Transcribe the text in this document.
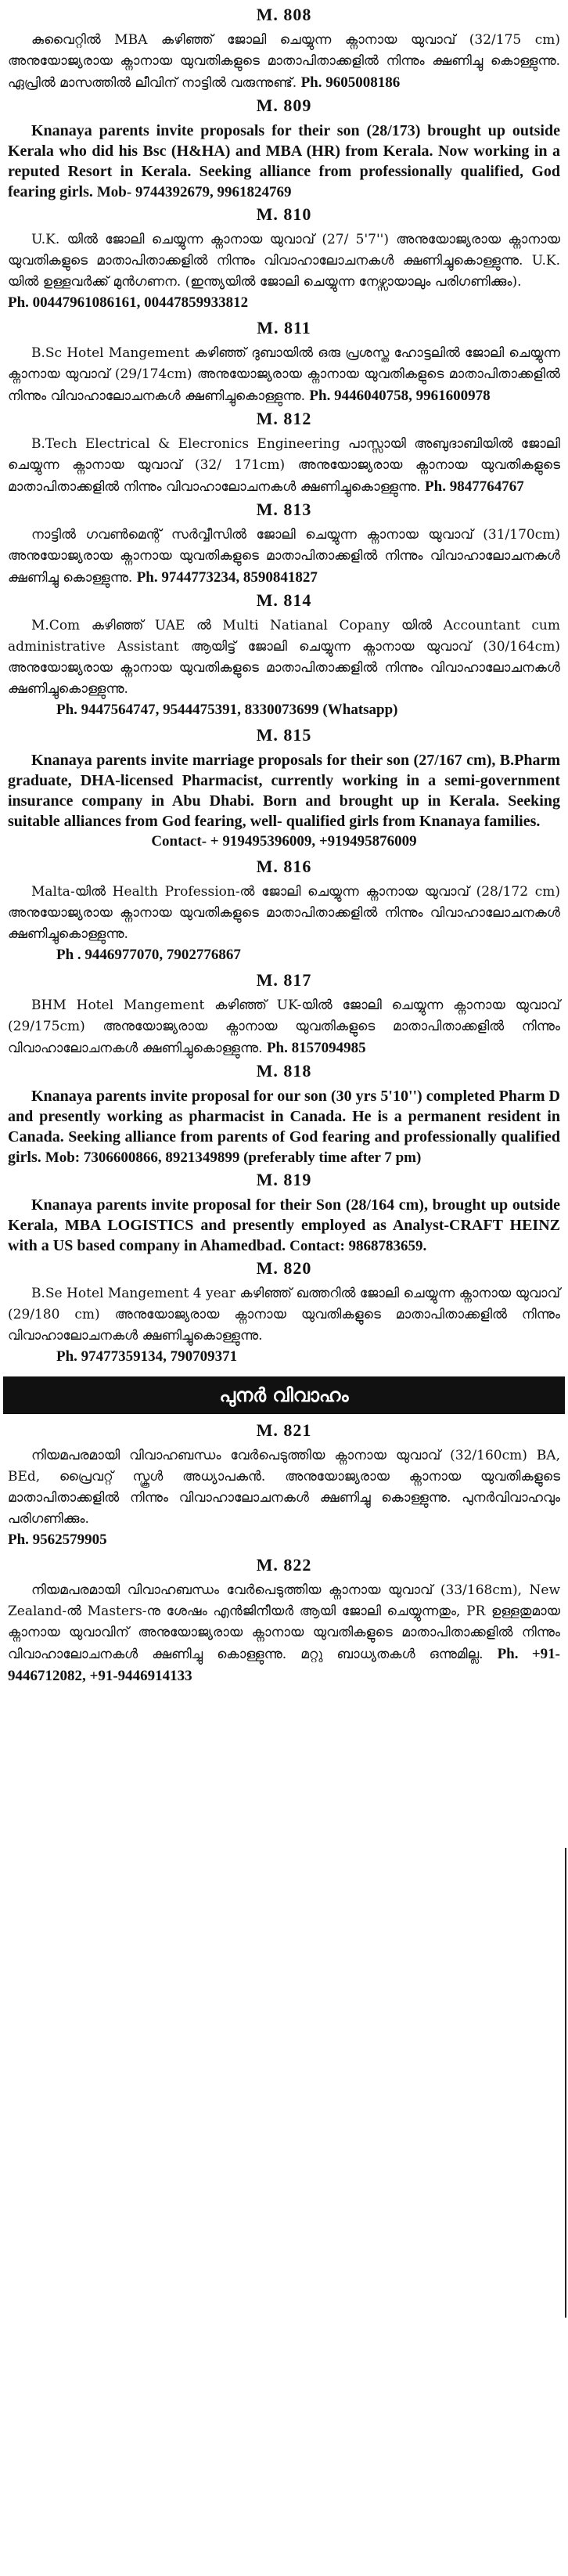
M. 808

കുവൈറ്റിൽ MBA കഴിഞ്ഞ് ജോലി ചെയ്യുന്ന ക്നാനായ യുവാവ് (32/175 cm) അനുയോജ്യരായ ക്നാനായ യുവതികളുടെ മാതാപിതാക്കളിൽ നിന്നും ക്ഷണിച്ചു കൊള്ളുന്നു. ഏപ്രിൽ മാസത്തിൽ ലീവിന് നാട്ടിൽ വരുന്നുണ്ട്. Ph. 9605008186

M. 809

Knanaya parents invite proposals for their son (28/173) brought up outside Kerala who did his Bsc (H&HA) and MBA (HR) from Kerala. Now working in a reputed Resort in Kerala. Seeking alliance from professionally qualified, God fearing girls. Mob- 9744392679, 9961824769

M. 810

U.K. യിൽ ജോലി ചെയ്യുന്ന ക്നാനായ യുവാവ് (27/ 5'7'') അനുയോജ്യരായ ക്നാനായ യുവതികളുടെ മാതാപിതാക്കളിൽ നിന്നും വിവാഹാലോചനകൾ ക്ഷണിച്ചുകൊള്ളുന്നു. U.K. യിൽ ഉള്ളവർക്ക് മുൻഗണന. (ഇന്ത്യയിൽ ജോലി ചെയ്യുന്ന നേഴ്സായാലും പരിഗണിക്കും).

Ph. 00447961086161, 00447859933812
M. 811

B.Sc Hotel Mangement കഴിഞ്ഞ് ദുബായിൽ ഒരു പ്രശസ്ത ഹോട്ടലിൽ ജോലി ചെയ്യുന്ന ക്നാനായ യുവാവ് (29/174cm) അനുയോജ്യരായ ക്നാനായ യുവതികളുടെ മാതാപിതാക്കളിൽ നിന്നും വിവാഹാലോചനകൾ ക്ഷണിച്ചുകൊള്ളുന്നു. Ph. 9446040758, 9961600978

M. 812

B.Tech Electrical & Elecronics Engineering പാസ്സായി അബുദാബിയിൽ ജോലി ചെയ്യുന്ന ക്നാനായ യുവാവ് (32/ 171cm) അനുയോജ്യരായ ക്നാനായ യുവതികളുടെ മാതാപിതാക്കളിൽ നിന്നും വിവാഹാലോചനകൾ ക്ഷണിച്ചുകൊള്ളുന്നു. Ph. 9847764767

M. 813

നാട്ടിൽ ഗവൺമെന്റ് സർവ്വീസിൽ ജോലി ചെയ്യുന്ന ക്നാനായ യുവാവ് (31/170cm) അനുയോജ്യരായ ക്നാനായ യുവതികളുടെ മാതാപിതാക്കളിൽ നിന്നും വിവാഹാലോചനകൾ ക്ഷണിച്ചു കൊള്ളുന്നു. Ph. 9744773234, 8590841827

M. 814

M.Com കഴിഞ്ഞ് UAE ൽ Multi Natianal Copany യിൽ Accountant cum administrative Assistant ആയിട്ട് ജോലി ചെയ്യുന്ന ക്നാനായ യുവാവ് (30/164cm) അനുയോജ്യരായ ക്നാനായ യുവതികളുടെ മാതാപിതാക്കളിൽ നിന്നും വിവാഹാലോചനകൾ ക്ഷണിച്ചുകൊള്ളുന്നു.

Ph. 9447564747, 9544475391, 8330073699 (Whatsapp)
M. 815

Knanaya parents invite marriage proposals for their son (27/167 cm), B.Pharm graduate, DHA-licensed Pharmacist, currently working in a semi-government insurance company in Abu Dhabi. Born and brought up in Kerala. Seeking suitable alliances from God fearing, well- qualified girls from Knanaya families.

Contact- + 919495396009, +919495876009
M. 816

Malta-യിൽ Health Profession-ൽ ജോലി ചെയ്യുന്ന ക്നാനായ യുവാവ് (28/172 cm) അനുയോജ്യരായ ക്നാനായ യുവതികളുടെ മാതാപിതാക്കളിൽ നിന്നും വിവാഹാലോചനകൾ ക്ഷണിച്ചുകൊള്ളുന്നു.

Ph . 9446977070, 7902776867
M. 817

BHM Hotel Mangement കഴിഞ്ഞ് UK-യിൽ ജോലി ചെയ്യുന്ന ക്നാനായ യുവാവ് (29/175cm) അനുയോജ്യരായ ക്നാനായ യുവതികളുടെ മാതാപിതാക്കളിൽ നിന്നും വിവാഹാലോചനകൾ ക്ഷണിച്ചുകൊള്ളുന്നു. Ph. 8157094985

M. 818

Knanaya parents invite proposal for our son (30 yrs 5'10'') completed Pharm D and presently working as pharmacist in Canada. He is a permanent resident in Canada. Seeking alliance from parents of God fearing and professionally qualified girls. Mob: 7306600866, 8921349899 (preferably time after 7 pm)

M. 819

Knanaya parents invite proposal for their Son (28/164 cm), brought up outside Kerala, MBA LOGISTICS and presently employed as Analyst-CRAFT HEINZ with a US based company in Ahamedbad. Contact: 9868783659.

M. 820

B.Se Hotel Mangement 4 year കഴിഞ്ഞ് ഖത്തറിൽ ജോലി ചെയ്യുന്ന ക്നാനായ യുവാവ് (29/180 cm) അനുയോജ്യരായ ക്നാനായ യുവതികളുടെ മാതാപിതാക്കളിൽ നിന്നും വിവാഹാലോചനകൾ ക്ഷണിച്ചുകൊള്ളുന്നു.

Ph. 97477359134, 790709371
പുനർ വിവാഹം
M. 821

നിയമപരമായി വിവാഹബന്ധം വേർപെടുത്തിയ ക്നാനായ യുവാവ് (32/160cm) BA, BEd, പ്രൈവറ്റ് സ്കൂൾ അധ്യാപകൻ. അനുയോജ്യരായ ക്നാനായ യുവതികളുടെ മാതാപിതാക്കളിൽ നിന്നും വിവാഹാലോചനകൾ ക്ഷണിച്ചു കൊള്ളുന്നു. പുനർവിവാഹവും പരിഗണിക്കും.

Ph. 9562579905
M. 822

നിയമപരമായി വിവാഹബന്ധം വേർപെടുത്തിയ ക്നാനായ യുവാവ് (33/168cm), New Zealand-ൽ Masters-നു ശേഷം എൻജിനീയർ ആയി ജോലി ചെയ്യുന്നതും, PR ഉള്ളതുമായ ക്നാനായ യുവാവിന് അനുയോജ്യരായ ക്നാനായ യുവതികളുടെ മാതാപിതാക്കളിൽ നിന്നും വിവാഹാലോചനകൾ ക്ഷണിച്ചു കൊള്ളുന്നു. മറ്റു ബാധ്യതകൾ ഒന്നുമില്ല. Ph. +91-9446712082, +91-9446914133
